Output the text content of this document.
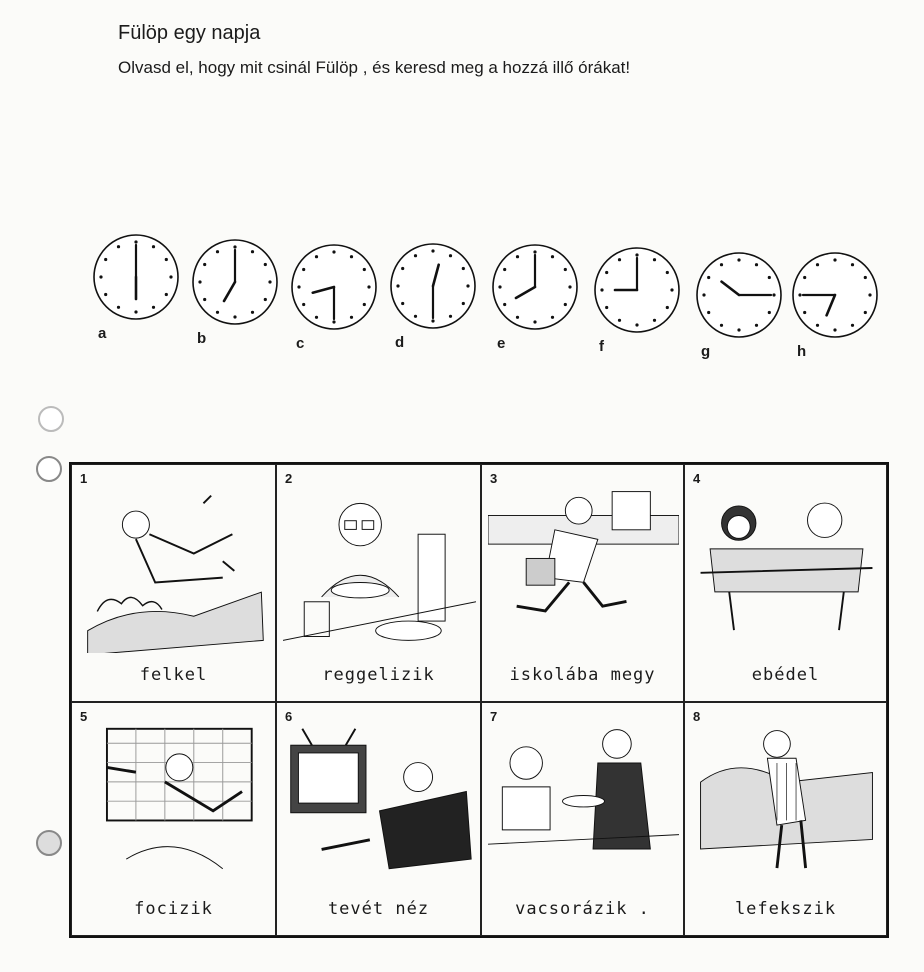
Fülöp egy napja
Olvasd el, hogy mit csinál Fülöp , és keresd meg a hozzá illő órákat!
a	b	c	d	e	f	g	h
1
felkel
2
reggelizik
3
iskolába megy
4
ebédel
5
focizik
6
tevét néz
7
vacsorázik .
8
lefekszik
